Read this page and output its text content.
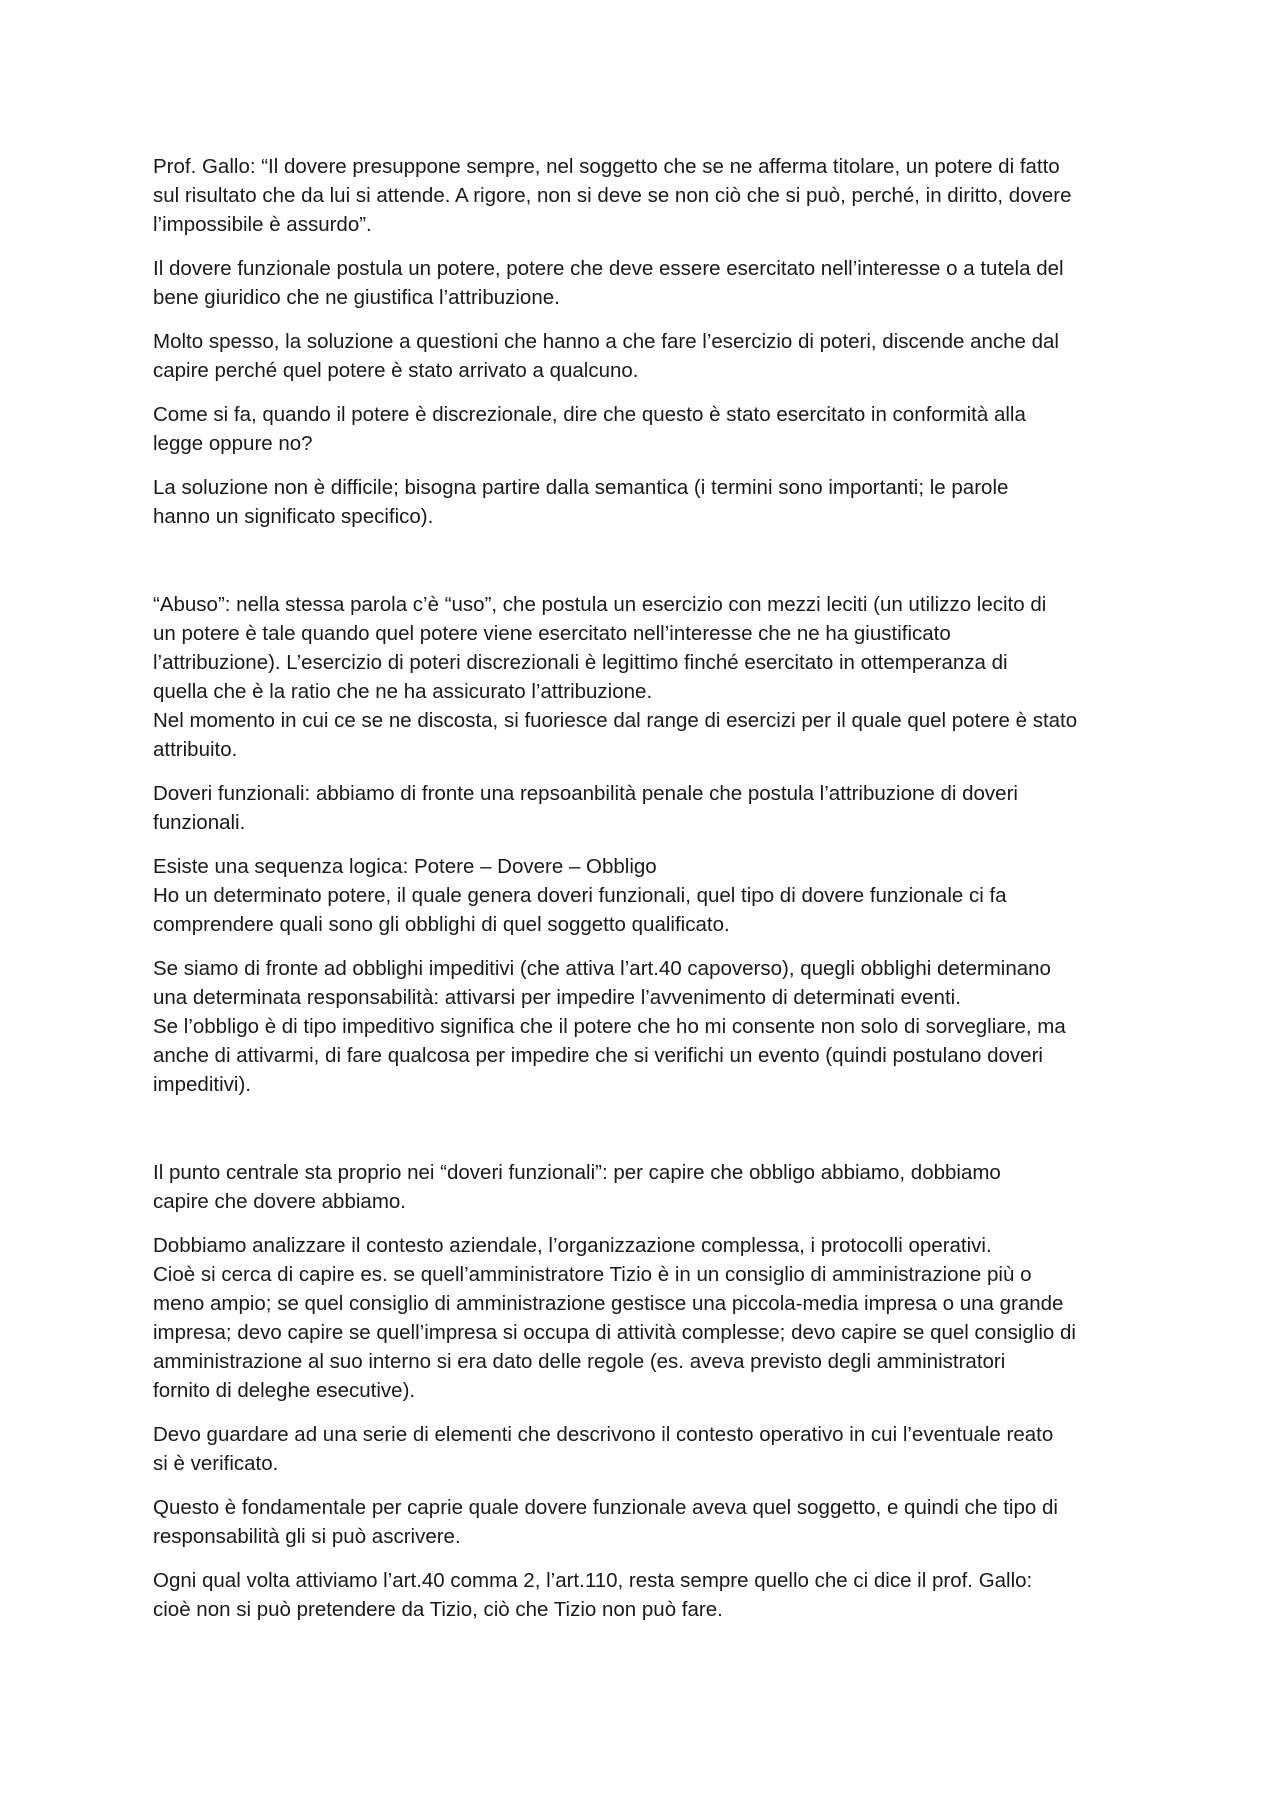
Prof. Gallo: “Il dovere presuppone sempre, nel soggetto che se ne afferma titolare, un potere di fatto
sul risultato che da lui si attende. A rigore, non si deve se non ciò che si può, perché, in diritto, dovere
l’impossibile è assurdo”.

Il dovere funzionale postula un potere, potere che deve essere esercitato nell’interesse o a tutela del
bene giuridico che ne giustifica l’attribuzione.

Molto spesso, la soluzione a questioni che hanno a che fare l’esercizio di poteri, discende anche dal
capire perché quel potere è stato arrivato a qualcuno.

Come si fa, quando il potere è discrezionale, dire che questo è stato esercitato in conformità alla
legge oppure no?

La soluzione non è difficile; bisogna partire dalla semantica (i termini sono importanti; le parole
hanno un significato specifico).

“Abuso”: nella stessa parola c’è “uso”, che postula un esercizio con mezzi leciti (un utilizzo lecito di
un potere è tale quando quel potere viene esercitato nell’interesse che ne ha giustificato
l’attribuzione). L’esercizio di poteri discrezionali è legittimo finché esercitato in ottemperanza di
quella che è la ratio che ne ha assicurato l’attribuzione.
Nel momento in cui ce se ne discosta, si fuoriesce dal range di esercizi per il quale quel potere è stato
attribuito.

Doveri funzionali: abbiamo di fronte una repsoanbilità penale che postula l’attribuzione di doveri
funzionali.

Esiste una sequenza logica: Potere – Dovere – Obbligo
Ho un determinato potere, il quale genera doveri funzionali, quel tipo di dovere funzionale ci fa
comprendere quali sono gli obblighi di quel soggetto qualificato.

Se siamo di fronte ad obblighi impeditivi (che attiva l’art.40 capoverso), quegli obblighi determinano
una determinata responsabilità: attivarsi per impedire l’avvenimento di determinati eventi.
Se l’obbligo è di tipo impeditivo significa che il potere che ho mi consente non solo di sorvegliare, ma
anche di attivarmi, di fare qualcosa per impedire che si verifichi un evento (quindi postulano doveri
impeditivi).

Il punto centrale sta proprio nei “doveri funzionali”: per capire che obbligo abbiamo, dobbiamo
capire che dovere abbiamo.

Dobbiamo analizzare il contesto aziendale, l’organizzazione complessa, i protocolli operativi.
Cioè si cerca di capire es. se quell’amministratore Tizio è in un consiglio di amministrazione più o
meno ampio; se quel consiglio di amministrazione gestisce una piccola-media impresa o una grande
impresa; devo capire se quell’impresa si occupa di attività complesse; devo capire se quel consiglio di
amministrazione al suo interno si era dato delle regole (es. aveva previsto degli amministratori
fornito di deleghe esecutive).

Devo guardare ad una serie di elementi che descrivono il contesto operativo in cui l’eventuale reato
si è verificato.

Questo è fondamentale per caprie quale dovere funzionale aveva quel soggetto, e quindi che tipo di
responsabilità gli si può ascrivere.

Ogni qual volta attiviamo l’art.40 comma 2, l’art.110, resta sempre quello che ci dice il prof. Gallo:
cioè non si può pretendere da Tizio, ciò che Tizio non può fare.
